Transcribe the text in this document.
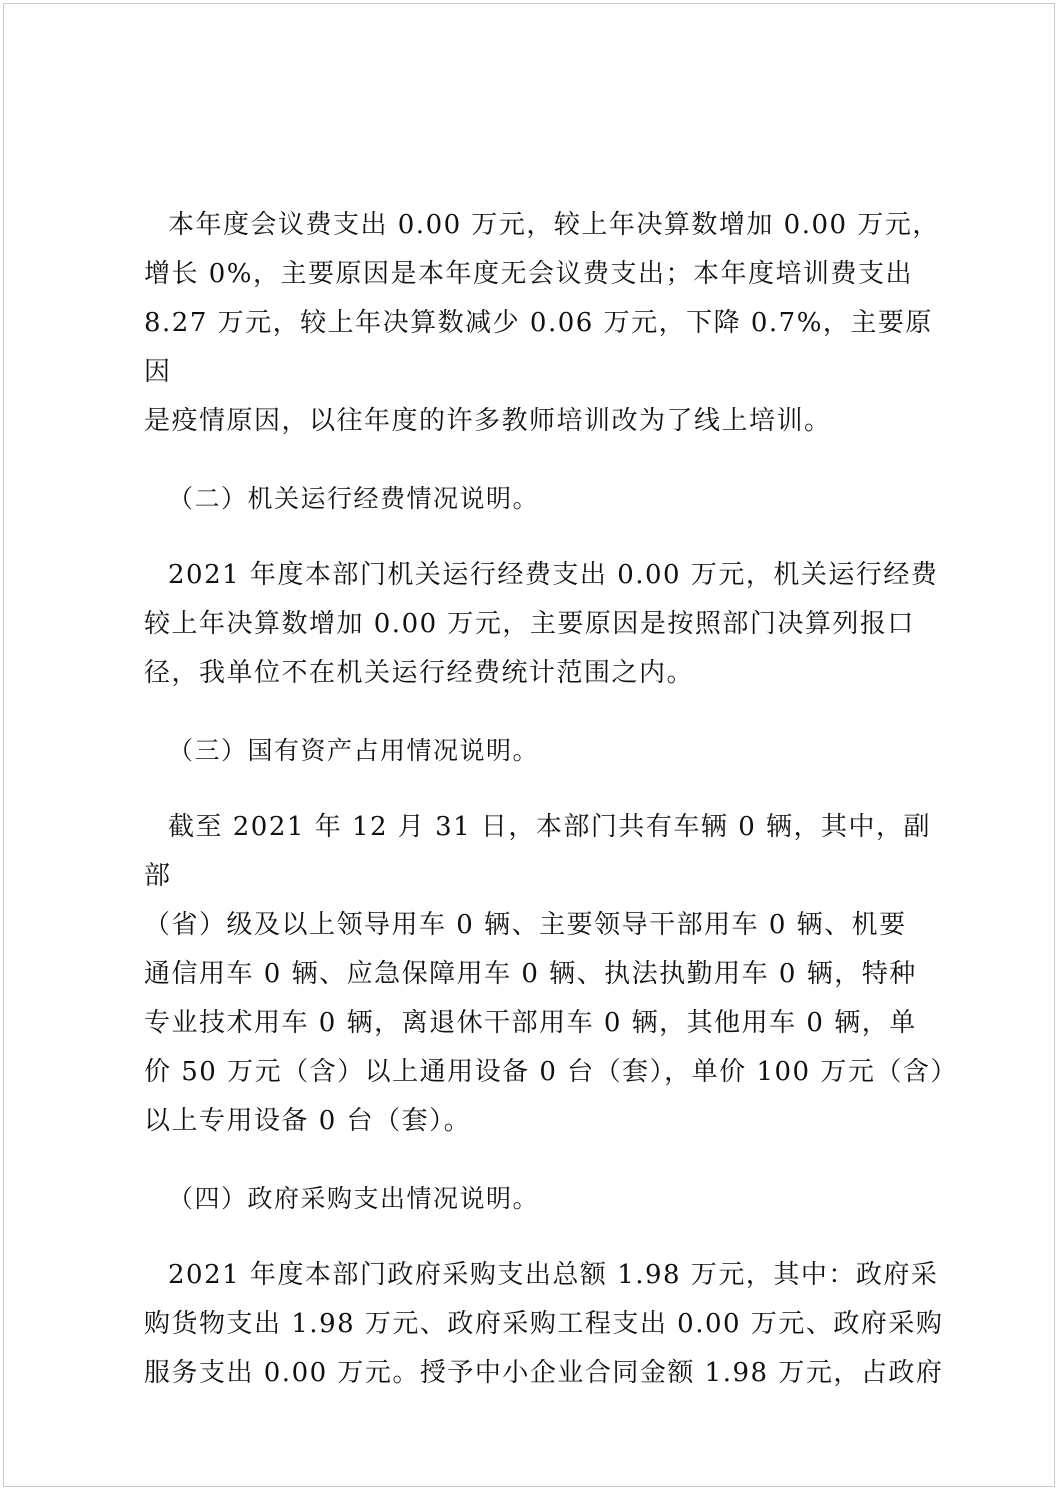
本年度会议费支出 0.00 万元，较上年决算数增加 0.00 万元，
增长 0%，主要原因是本年度无会议费支出；本年度培训费支出
8.27 万元，较上年决算数减少 0.06 万元，下降 0.7%，主要原因
是疫情原因，以往年度的许多教师培训改为了线上培训。
（二）机关运行经费情况说明。
2021 年度本部门机关运行经费支出 0.00 万元，机关运行经费
较上年决算数增加 0.00 万元，主要原因是按照部门决算列报口
径，我单位不在机关运行经费统计范围之内。
（三）国有资产占用情况说明。
截至 2021 年 12 月 31 日，本部门共有车辆 0 辆，其中，副部
（省）级及以上领导用车 0 辆、主要领导干部用车 0 辆、机要
通信用车 0 辆、应急保障用车 0 辆、执法执勤用车 0 辆，特种
专业技术用车 0 辆，离退休干部用车 0 辆，其他用车 0 辆，单
价 50 万元（含）以上通用设备 0 台（套），单价 100 万元（含）
以上专用设备 0 台（套）。
（四）政府采购支出情况说明。
2021 年度本部门政府采购支出总额 1.98 万元，其中：政府采
购货物支出 1.98 万元、政府采购工程支出 0.00 万元、政府采购
服务支出 0.00 万元。授予中小企业合同金额 1.98 万元，占政府
